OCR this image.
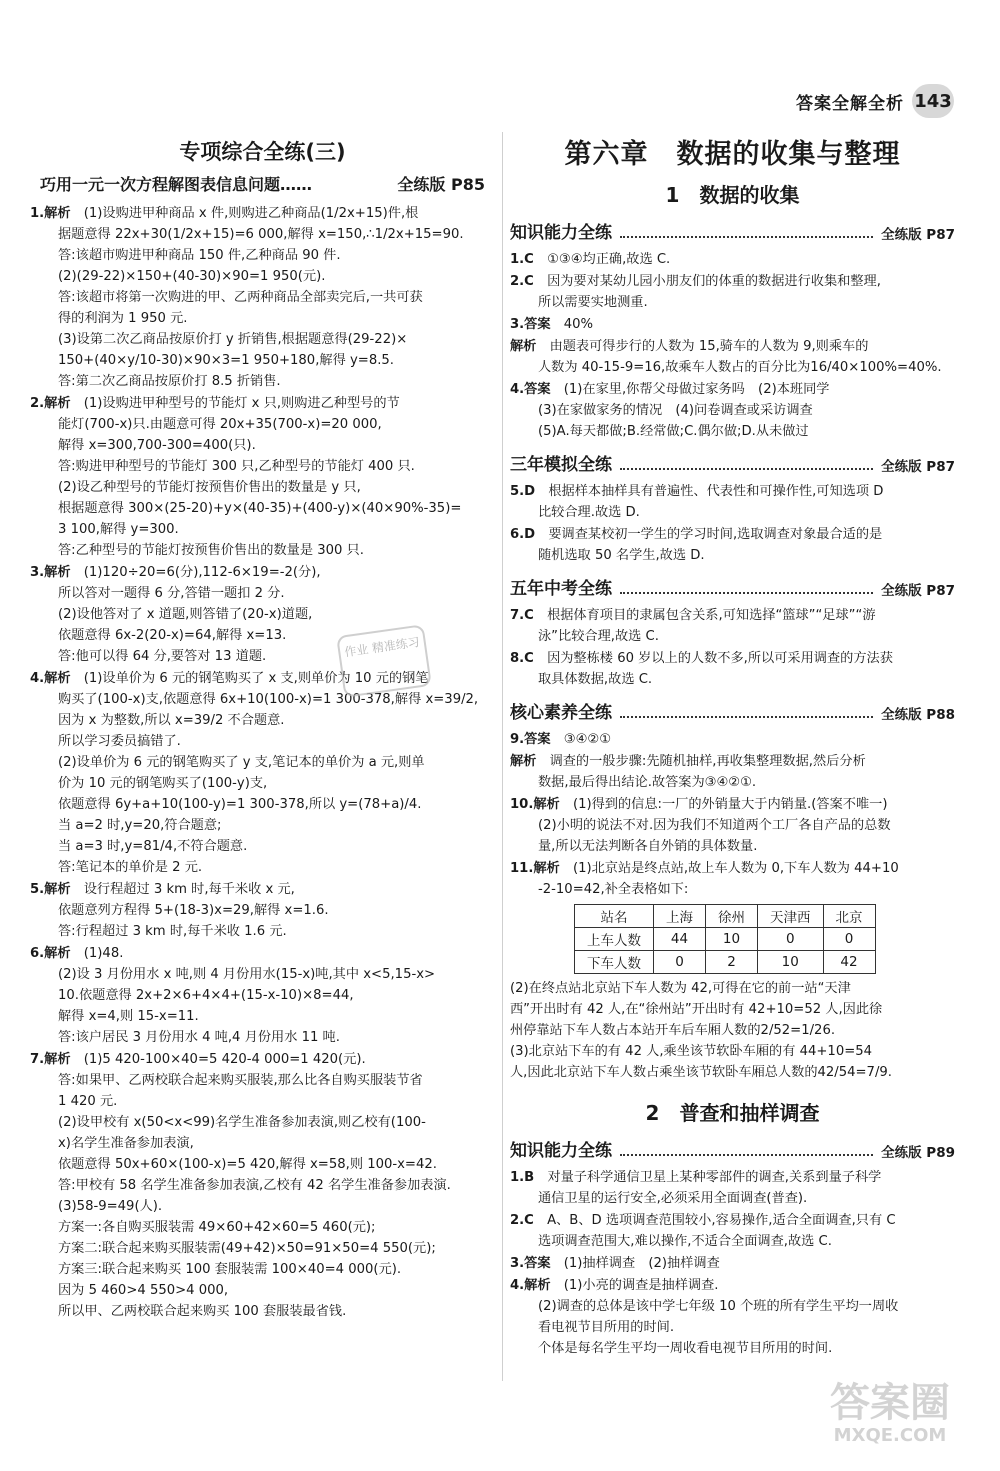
答案全解全析 143
专项综合全练(三)
巧用一元一次方程解图表信息问题……	全练版 P85
1.解析　 (1)设购进甲种商品 x 件,则购进乙种商品(1/2x+15)件,根
据题意得 22x+30(1/2x+15)=6 000,解得 x=150,∴1/2x+15=90.
答:该超市购进甲种商品 150 件,乙种商品 90 件.
(2)(29-22)×150+(40-30)×90=1 950(元).
答:该超市将第一次购进的甲、乙两种商品全部卖完后,一共可获
得的利润为 1 950 元.
(3)设第二次乙商品按原价打 y 折销售,根据题意得(29-22)×
150+(40×y/10-30)×90×3=1 950+180,解得 y=8.5.
答:第二次乙商品按原价打 8.5 折销售.
2.解析　 (1)设购进甲种型号的节能灯 x 只,则购进乙种型号的节
能灯(700-x)只.由题意可得 20x+35(700-x)=20 000,
解得 x=300,700-300=400(只).
答:购进甲种型号的节能灯 300 只,乙种型号的节能灯 400 只.
(2)设乙种型号的节能灯按预售价售出的数量是 y 只,
根据题意得 300×(25-20)+y×(40-35)+(400-y)×(40×90%-35)=
3 100,解得 y=300.
答:乙种型号的节能灯按预售价售出的数量是 300 只.
3.解析　 (1)120÷20=6(分),112-6×19=-2(分),
所以答对一题得 6 分,答错一题扣 2 分.
(2)设他答对了 x 道题,则答错了(20-x)道题,
依题意得 6x-2(20-x)=64,解得 x=13.
答:他可以得 64 分,要答对 13 道题.
4.解析　 (1)设单价为 6 元的钢笔购买了 x 支,则单价为 10 元的钢笔
购买了(100-x)支,依题意得 6x+10(100-x)=1 300-378,解得 x=39/2,
因为 x 为整数,所以 x=39/2 不合题意.
所以学习委员搞错了.
(2)设单价为 6 元的钢笔购买了 y 支,笔记本的单价为 a 元,则单
价为 10 元的钢笔购买了(100-y)支,
依题意得 6y+a+10(100-y)=1 300-378,所以 y=(78+a)/4.
当 a=2 时,y=20,符合题意;
当 a=3 时,y=81/4,不符合题意.
答:笔记本的单价是 2 元.
5.解析　 设行程超过 3 km 时,每千米收 x 元,
依题意列方程得 5+(18-3)x=29,解得 x=1.6.
答:行程超过 3 km 时,每千米收 1.6 元.
6.解析　 (1)48.
(2)设 3 月份用水 x 吨,则 4 月份用水(15-x)吨,其中 x<5,15-x>
10.依题意得 2x+2×6+4×4+(15-x-10)×8=44,
解得 x=4,则 15-x=11.
答:该户居民 3 月份用水 4 吨,4 月份用水 11 吨.
7.解析　 (1)5 420-100×40=5 420-4 000=1 420(元).
答:如果甲、乙两校联合起来购买服装,那么比各自购买服装节省
1 420 元.
(2)设甲校有 x(50<x<99)名学生准备参加表演,则乙校有(100-
x)名学生准备参加表演,
依题意得 50x+60×(100-x)=5 420,解得 x=58,则 100-x=42.
答:甲校有 58 名学生准备参加表演,乙校有 42 名学生准备参加表演.
(3)58-9=49(人).
方案一:各自购买服装需 49×60+42×60=5 460(元);
方案二:联合起来购买服装需(49+42)×50=91×50=4 550(元);
方案三:联合起来购买 100 套服装需 100×40=4 000(元).
因为 5 460>4 550>4 000,
所以甲、乙两校联合起来购买 100 套服装最省钱.
第六章　数据的收集与整理
1　数据的收集
知识能力全练	全练版 P87
1.C　 ①③④均正确,故选 C.
2.C　 因为要对某幼儿园小朋友们的体重的数据进行收集和整理,
所以需要实地测重.
3.答案　 40%
解析　 由题表可得步行的人数为 15,骑车的人数为 9,则乘车的
人数为 40-15-9=16,故乘车人数占的百分比为16/40×100%=40%.
4.答案　 (1)在家里,你帮父母做过家务吗　(2)本班同学
(3)在家做家务的情况　(4)问卷调查或采访调查
(5)A.每天都做;B.经常做;C.偶尔做;D.从未做过
三年模拟全练	全练版 P87
5.D　 根据样本抽样具有普遍性、代表性和可操作性,可知选项 D
比较合理.故选 D.
6.D　 要调查某校初一学生的学习时间,选取调查对象最合适的是
随机选取 50 名学生,故选 D.
五年中考全练	全练版 P87
7.C　 根据体育项目的隶属包含关系,可知选择“篮球”“足球”“游
泳”比较合理,故选 C.
8.C　 因为整栋楼 60 岁以上的人数不多,所以可采用调查的方法获
取具体数据,故选 C.
核心素养全练	全练版 P88
9.答案　 ③④②①
解析　 调查的一般步骤:先随机抽样,再收集整理数据,然后分析
数据,最后得出结论.故答案为③④②①.
10.解析　 (1)得到的信息:一厂的外销量大于内销量.(答案不唯一)
(2)小明的说法不对.因为我们不知道两个工厂各自产品的总数
量,所以无法判断各自外销的具体数量.
11.解析　 (1)北京站是终点站,故上车人数为 0,下车人数为 44+10
-2-10=42,补全表格如下:
站名	上海	徐州	天津西	北京
上车人数	44	10	0	0
下车人数	0	2	10	42
(2)在终点站北京站下车人数为 42,可得在它的前一站“天津
西”开出时有 42 人,在“徐州站”开出时有 42+10=52 人,因此徐
州停靠站下车人数占本站开车后车厢人数的2/52=1/26.
(3)北京站下车的有 42 人,乘坐该节软卧车厢的有 44+10=54
人,因此北京站下车人数占乘坐该节软卧车厢总人数的42/54=7/9.
2　普查和抽样调查
知识能力全练	全练版 P89
1.B　 对量子科学通信卫星上某种零部件的调查,关系到量子科学
通信卫星的运行安全,必须采用全面调查(普查).
2.C　 A、B、D 选项调查范围较小,容易操作,适合全面调查,只有 C
选项调查范围大,难以操作,不适合全面调查,故选 C.
3.答案　 (1)抽样调查　(2)抽样调查
4.解析　 (1)小亮的调查是抽样调查.
(2)调查的总体是该中学七年级 10 个班的所有学生平均一周收
看电视节目所用的时间.
个体是每名学生平均一周收看电视节目所用的时间.
作业 精准练习
答案圈
MXQE.COM
